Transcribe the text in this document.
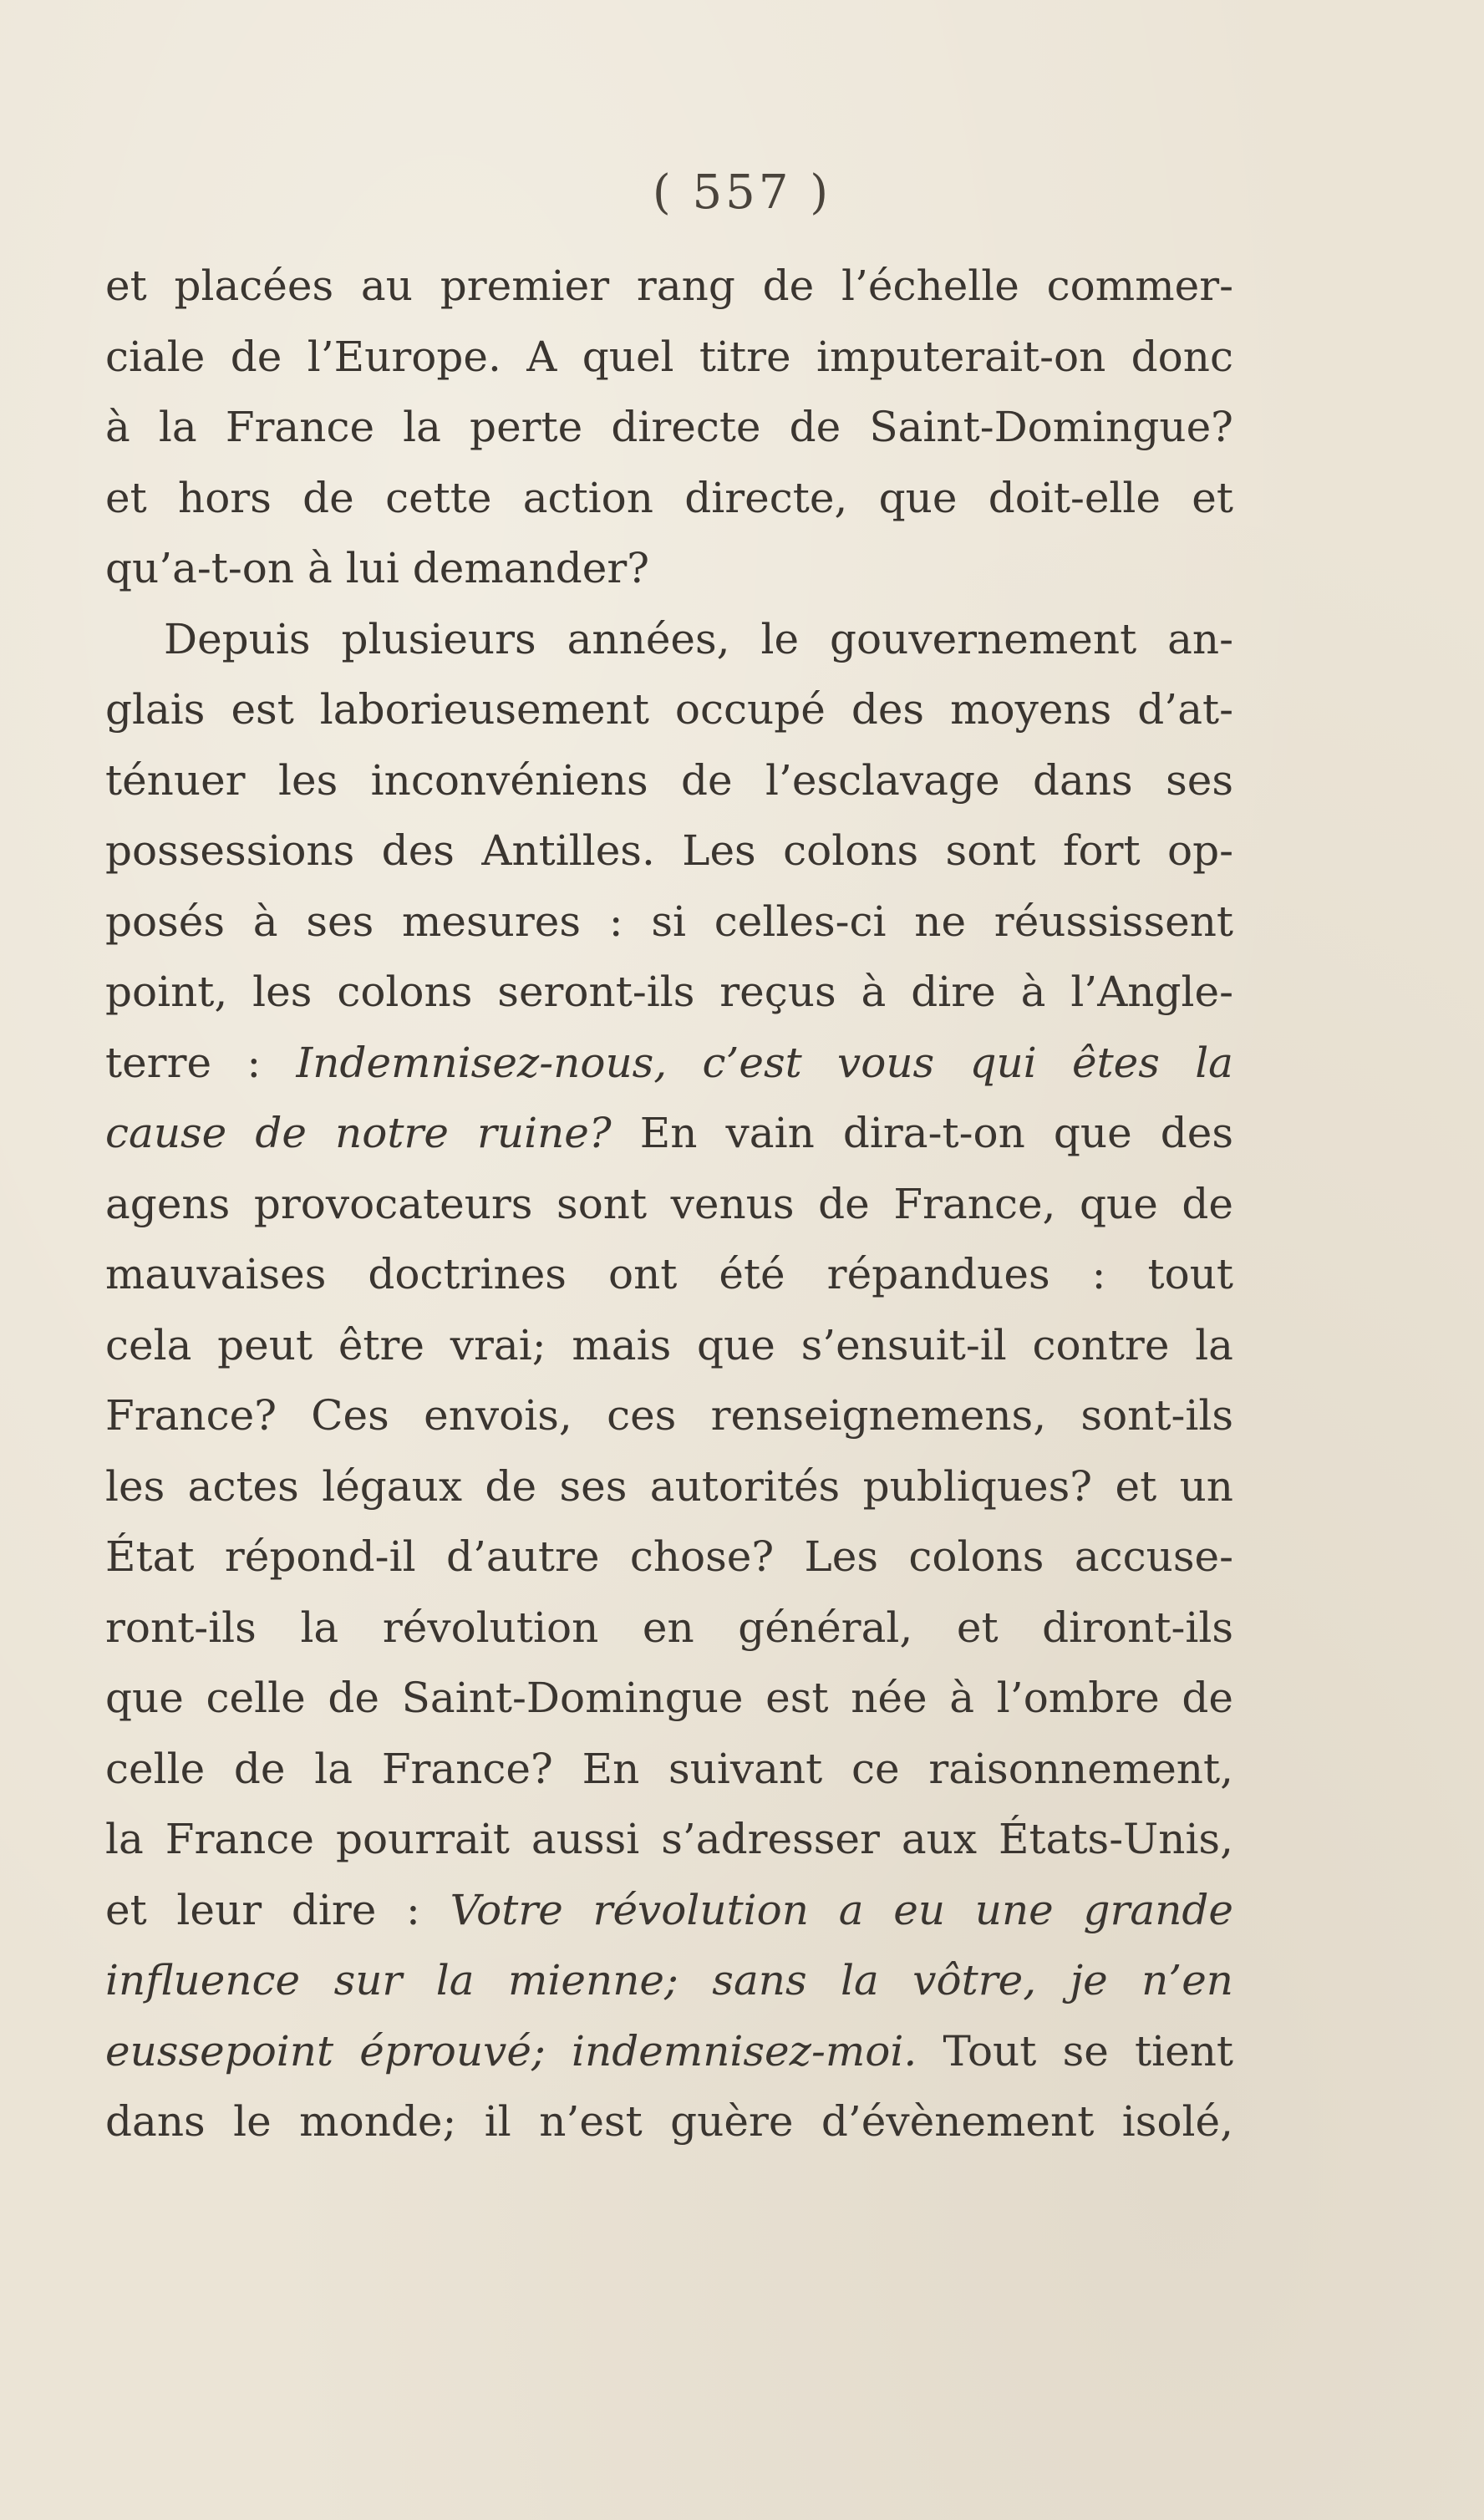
( 557 )
et placées au premier rang de l’échelle commer-
ciale de l’Europe. A quel titre imputerait-on donc
à la France la perte directe de Saint-Domingue?
et hors de cette action directe, que doit-elle et
qu’a-t-on à lui demander?
Depuis plusieurs années, le gouvernement an-
glais est laborieusement occupé des moyens d’at-
ténuer les inconvéniens de l’esclavage dans ses
possessions des Antilles. Les colons sont fort op-
posés à ses mesures : si celles-ci ne réussissent
point, les colons seront-ils reçus à dire à l’Angle-
terre : Indemnisez-nous, c’est vous qui êtes la
cause de notre ruine? En vain dira-t-on que des
agens provocateurs sont venus de France, que de
mauvaises doctrines ont été répandues : tout
cela peut être vrai; mais que s’ensuit-il contre la
France? Ces envois, ces renseignemens, sont-ils
les actes légaux de ses autorités publiques? et un
État répond-il d’autre chose? Les colons accuse-
ront-ils la révolution en général, et diront-ils
que celle de Saint-Domingue est née à l’ombre de
celle de la France? En suivant ce raisonnement,
la France pourrait aussi s’adresser aux États-Unis,
et leur dire : Votre révolution a eu une grande
influence sur la mienne; sans la vôtre, je n’en
eussepoint éprouvé; indemnisez-moi. Tout se tient
dans le monde; il n’est guère d’évènement isolé,
